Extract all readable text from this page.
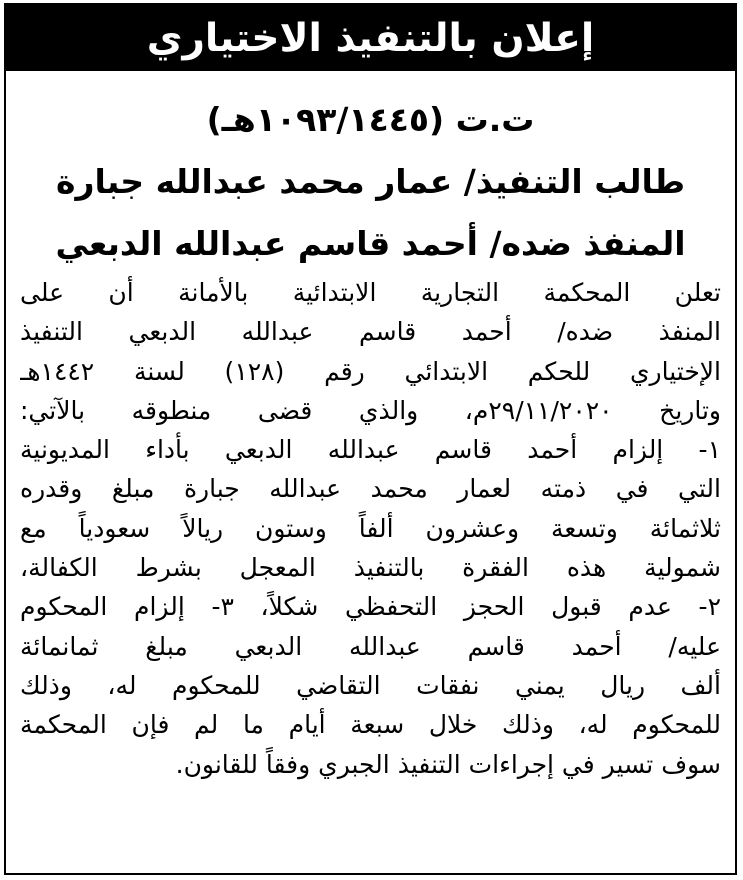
إعلان بالتنفيذ الاختياري
ت.ت (١٠٩٣/١٤٤٥هـ)
طالب التنفيذ/ عمار محمد عبدالله جبارة
المنفذ ضده/ أحمد قاسم عبدالله الدبعي
تعلن المحكمة التجارية الابتدائية بالأمانة أن على
المنفذ ضده/ أحمد قاسم عبدالله الدبعي التنفيذ
الإختياري للحكم الابتدائي رقم (١٢٨) لسنة ١٤٤٢هـ
وتاريخ ٢٩/١١/٢٠٢٠م، والذي قضى منطوقه بالآتي:
١- إلزام أحمد قاسم عبدالله الدبعي بأداء المديونية
التي في ذمته لعمار محمد عبدالله جبارة مبلغ وقدره
ثلاثمائة وتسعة وعشرون ألفاً وستون ريالاً سعودياً مع
شمولية هذه الفقرة بالتنفيذ المعجل بشرط الكفالة،
٢- عدم قبول الحجز التحفظي شكلاً، ٣- إلزام المحكوم
عليه/ أحمد قاسم عبدالله الدبعي مبلغ ثمانمائة
ألف ريال يمني نفقات التقاضي للمحكوم له، وذلك
للمحكوم له، وذلك خلال سبعة أيام ما لم فإن المحكمة
سوف تسير في إجراءات التنفيذ الجبري وفقاً للقانون.
